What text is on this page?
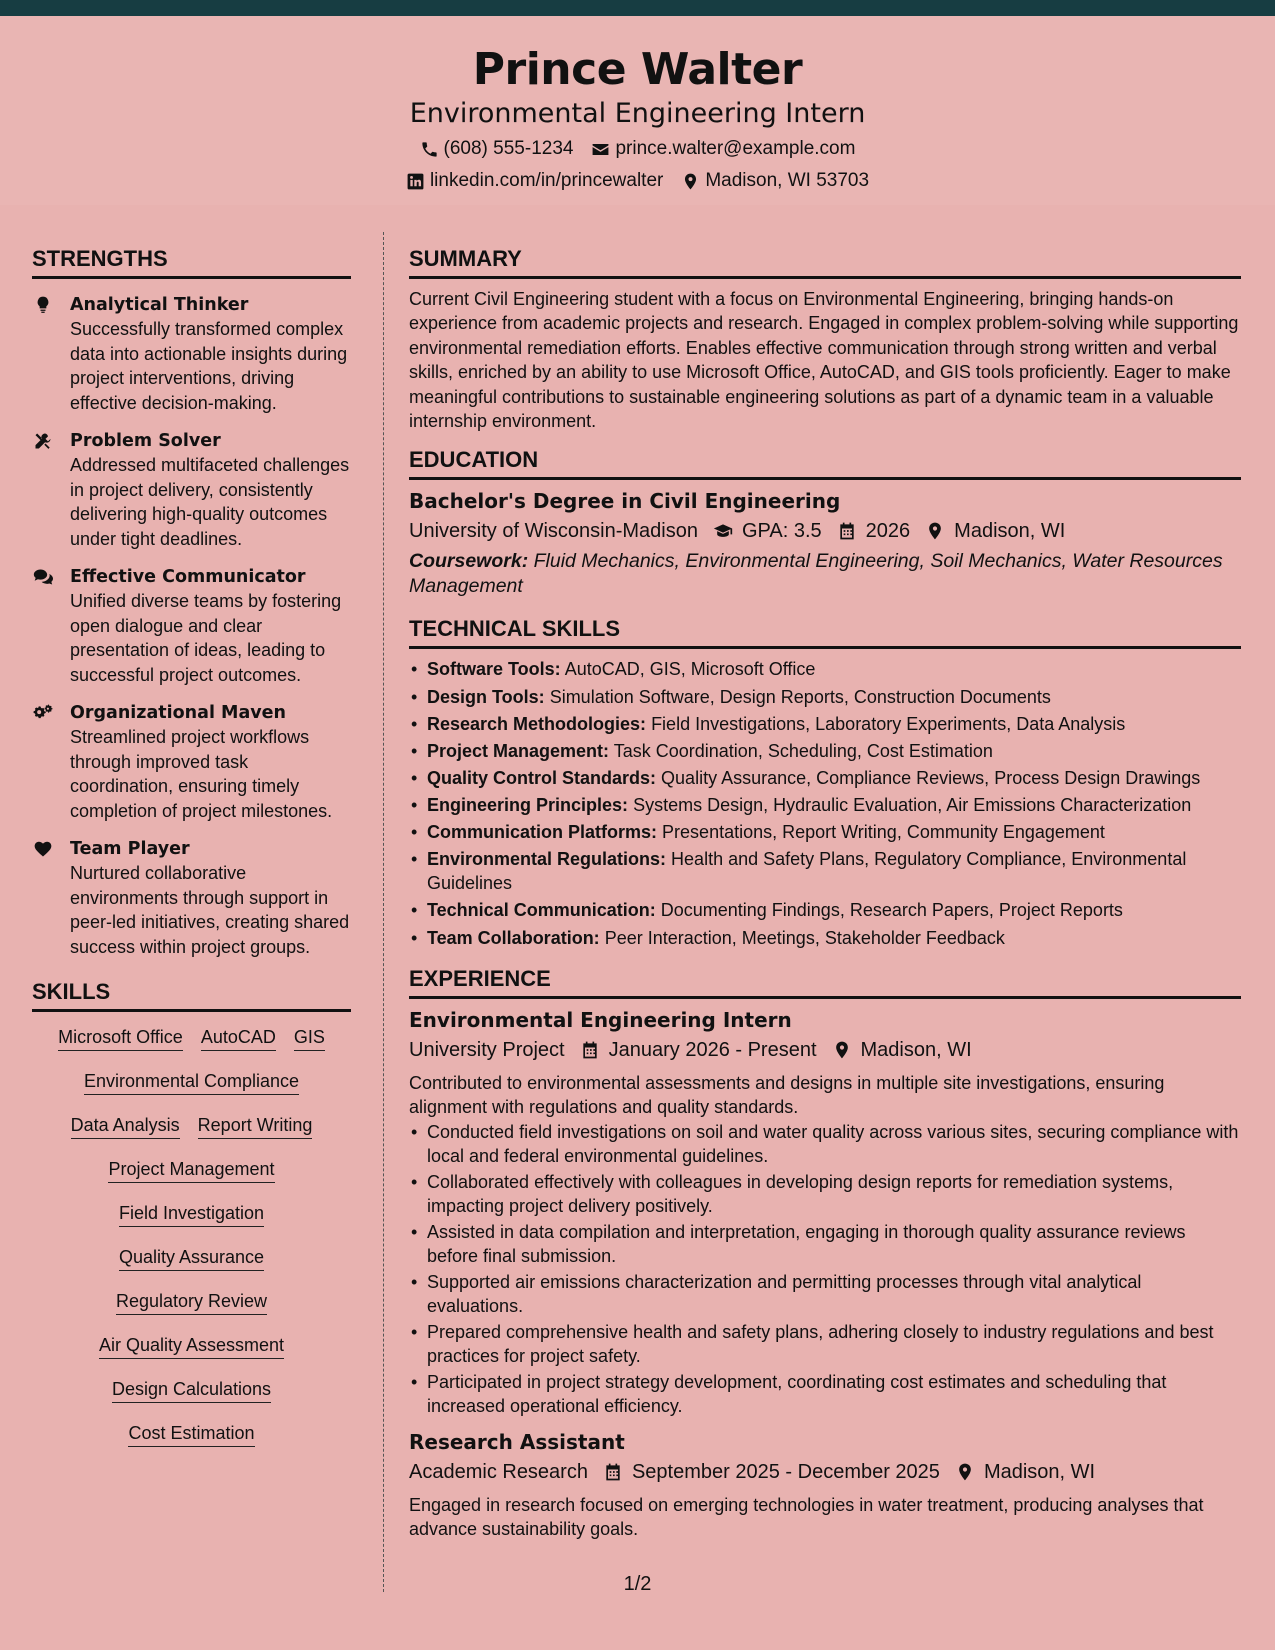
Prince Walter
Environmental Engineering Intern
(608) 555-1234 prince.walter@example.com
linkedin.com/in/princewalter Madison, WI 53703
STRENGTHS
Analytical Thinker
Successfully transformed complex data into actionable insights during project interventions, driving effective decision-making.
Problem Solver
Addressed multifaceted challenges in project delivery, consistently delivering high-quality outcomes under tight deadlines.
Effective Communicator
Unified diverse teams by fostering open dialogue and clear presentation of ideas, leading to successful project outcomes.
Organizational Maven
Streamlined project workflows through improved task coordination, ensuring timely completion of project milestones.
Team Player
Nurtured collaborative environments through support in peer-led initiatives, creating shared success within project groups.
SKILLS
Microsoft Office AutoCAD GIS
Environmental Compliance
Data Analysis Report Writing
Project Management
Field Investigation
Quality Assurance
Regulatory Review
Air Quality Assessment
Design Calculations
Cost Estimation
SUMMARY
Current Civil Engineering student with a focus on Environmental Engineering, bringing hands-on experience from academic projects and research. Engaged in complex problem-solving while supporting environmental remediation efforts. Enables effective communication through strong written and verbal skills, enriched by an ability to use Microsoft Office, AutoCAD, and GIS tools proficiently. Eager to make meaningful contributions to sustainable engineering solutions as part of a dynamic team in a valuable internship environment.
EDUCATION
Bachelor's Degree in Civil Engineering
University of Wisconsin-Madison GPA: 3.5 2026 Madison, WI
Coursework: Fluid Mechanics, Environmental Engineering, Soil Mechanics, Water Resources Management
TECHNICAL SKILLS
• Software Tools: AutoCAD, GIS, Microsoft Office
• Design Tools: Simulation Software, Design Reports, Construction Documents
• Research Methodologies: Field Investigations, Laboratory Experiments, Data Analysis
• Project Management: Task Coordination, Scheduling, Cost Estimation
• Quality Control Standards: Quality Assurance, Compliance Reviews, Process Design Drawings
• Engineering Principles: Systems Design, Hydraulic Evaluation, Air Emissions Characterization
• Communication Platforms: Presentations, Report Writing, Community Engagement
• Environmental Regulations: Health and Safety Plans, Regulatory Compliance, Environmental Guidelines
• Technical Communication: Documenting Findings, Research Papers, Project Reports
• Team Collaboration: Peer Interaction, Meetings, Stakeholder Feedback
EXPERIENCE
Environmental Engineering Intern
University Project January 2026 - Present Madison, WI
Contributed to environmental assessments and designs in multiple site investigations, ensuring alignment with regulations and quality standards.
• Conducted field investigations on soil and water quality across various sites, securing compliance with local and federal environmental guidelines.
• Collaborated effectively with colleagues in developing design reports for remediation systems, impacting project delivery positively.
• Assisted in data compilation and interpretation, engaging in thorough quality assurance reviews before final submission.
• Supported air emissions characterization and permitting processes through vital analytical evaluations.
• Prepared comprehensive health and safety plans, adhering closely to industry regulations and best practices for project safety.
• Participated in project strategy development, coordinating cost estimates and scheduling that increased operational efficiency.
Research Assistant
Academic Research September 2025 - December 2025 Madison, WI
Engaged in research focused on emerging technologies in water treatment, producing analyses that advance sustainability goals.
1/2
